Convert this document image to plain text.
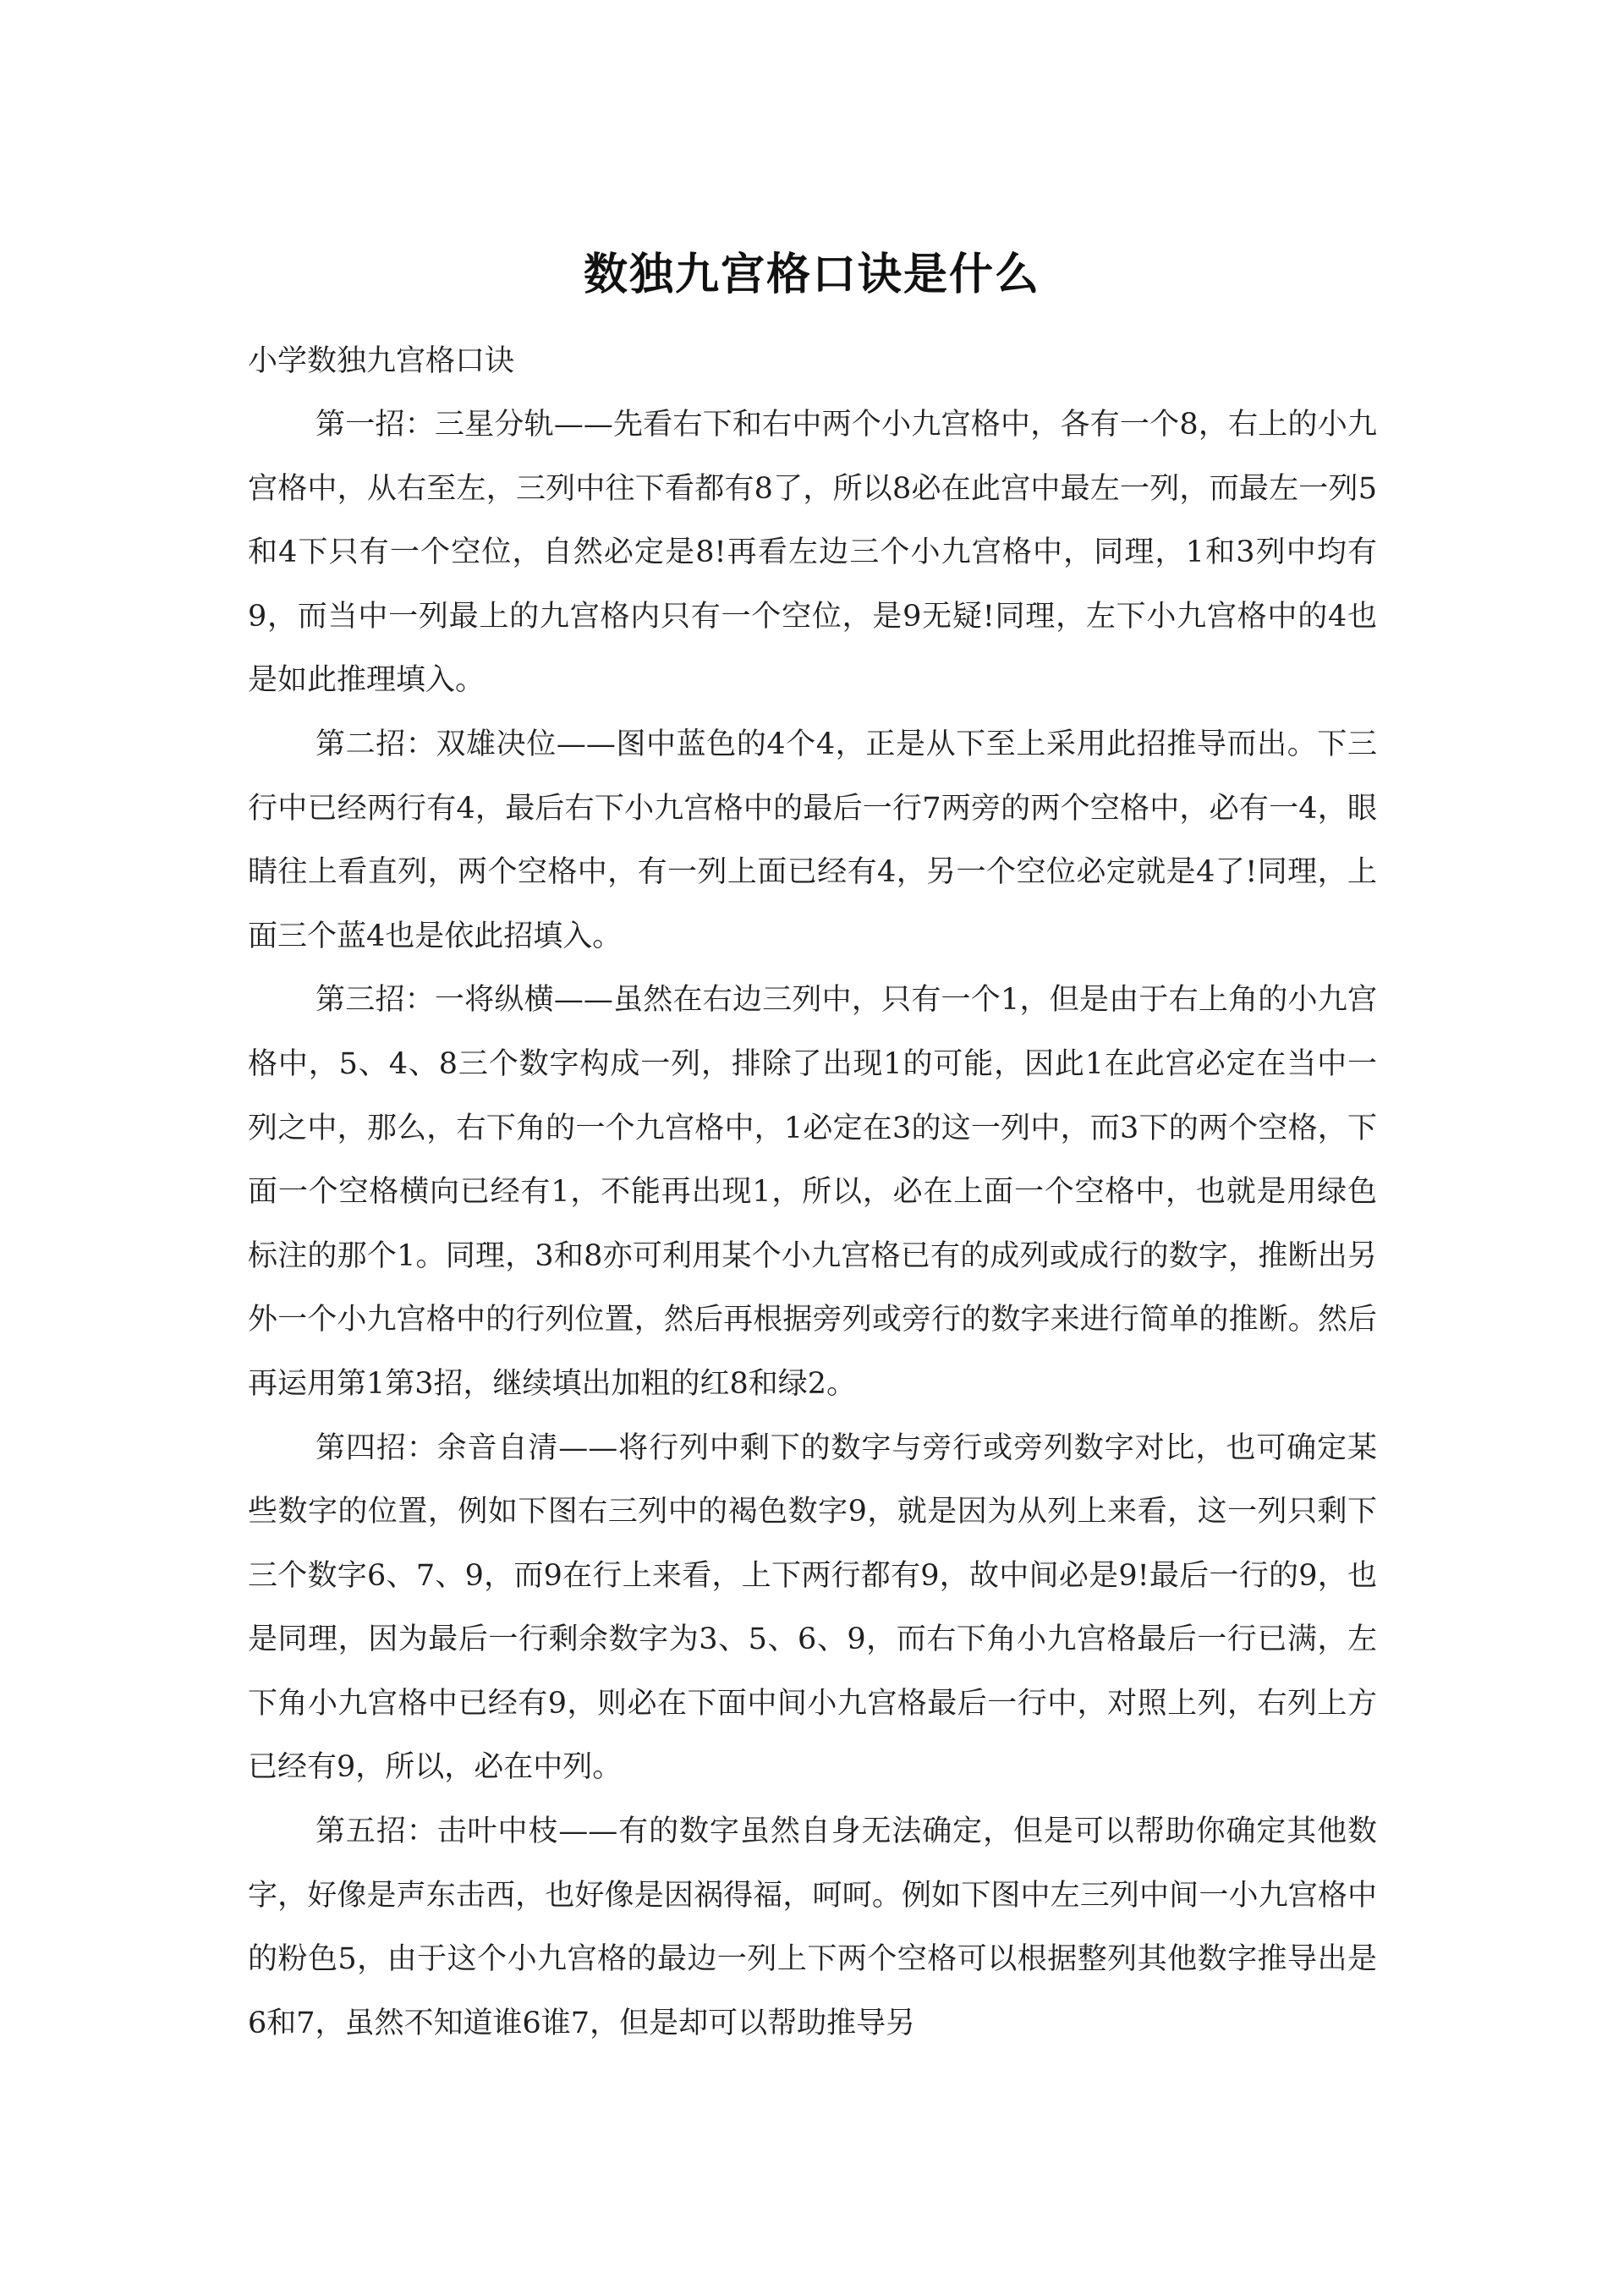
数独九宫格口诀是什么

小学数独九宫格口诀

第一招：三星分轨——先看右下和右中两个小九宫格中，各有一个8，右上的小九宫格中，从右至左，三列中往下看都有8了，所以8必在此宫中最左一列，而最左一列5和4下只有一个空位，自然必定是8!再看左边三个小九宫格中，同理，1和3列中均有9，而当中一列最上的九宫格内只有一个空位，是9无疑!同理，左下小九宫格中的4也是如此推理填入。

第二招：双雄决位——图中蓝色的4个4，正是从下至上采用此招推导而出。下三行中已经两行有4，最后右下小九宫格中的最后一行7两旁的两个空格中，必有一4，眼睛往上看直列，两个空格中，有一列上面已经有4，另一个空位必定就是4了!同理，上面三个蓝4也是依此招填入。

第三招：一将纵横——虽然在右边三列中，只有一个1，但是由于右上角的小九宫格中，5、4、8三个数字构成一列，排除了出现1的可能，因此1在此宫必定在当中一列之中，那么，右下角的一个九宫格中，1必定在3的这一列中，而3下的两个空格，下面一个空格横向已经有1，不能再出现1，所以，必在上面一个空格中，也就是用绿色标注的那个1。同理，3和8亦可利用某个小九宫格已有的成列或成行的数字，推断出另外一个小九宫格中的行列位置，然后再根据旁列或旁行的数字来进行简单的推断。然后再运用第1第3招，继续填出加粗的红8和绿2。

第四招：余音自清——将行列中剩下的数字与旁行或旁列数字对比，也可确定某些数字的位置，例如下图右三列中的褐色数字9，就是因为从列上来看，这一列只剩下三个数字6、7、9，而9在行上来看，上下两行都有9，故中间必是9!最后一行的9，也是同理，因为最后一行剩余数字为3、5、6、9，而右下角小九宫格最后一行已满，左下角小九宫格中已经有9，则必在下面中间小九宫格最后一行中，对照上列，右列上方已经有9，所以，必在中列。

第五招：击叶中枝——有的数字虽然自身无法确定，但是可以帮助你确定其他数字，好像是声东击西，也好像是因祸得福，呵呵。例如下图中左三列中间一小九宫格中的粉色5，由于这个小九宫格的最边一列上下两个空格可以根据整列其他数字推导出是6和7，虽然不知道谁6谁7，但是却可以帮助推导另
